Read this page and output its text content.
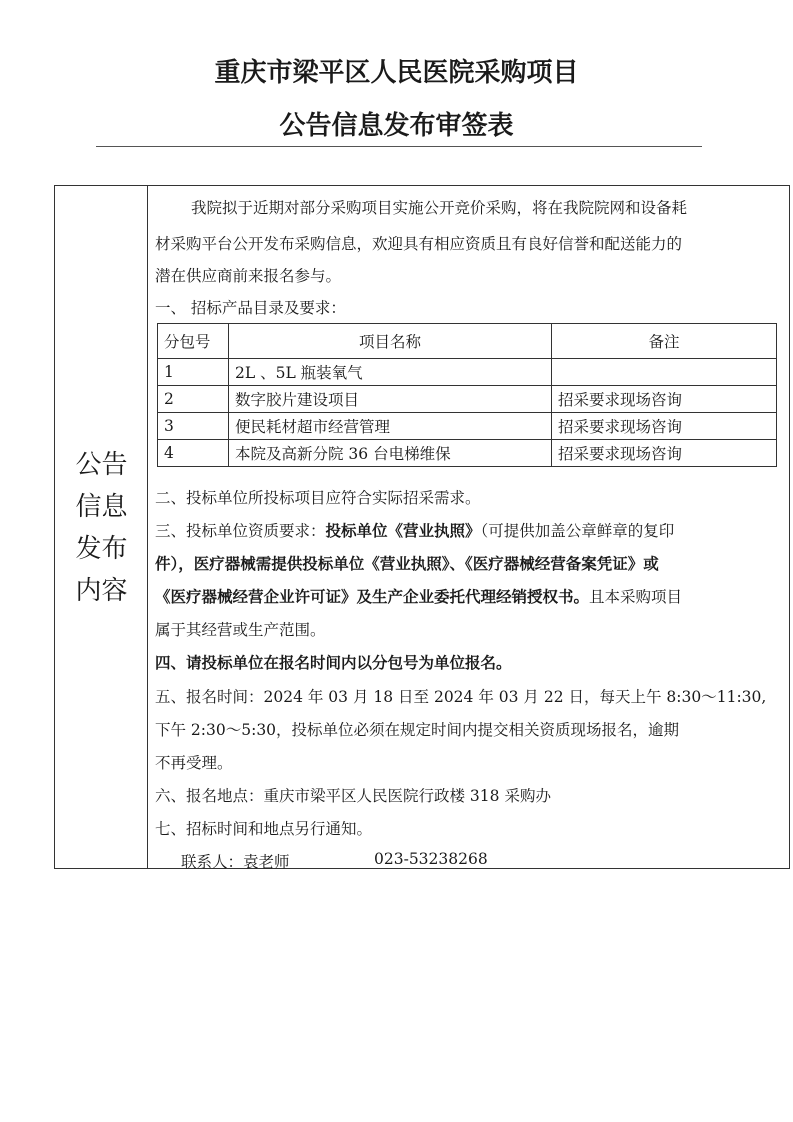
重庆市梁平区人民医院采购项目
公告信息发布审签表
公告
信息
发布
内容
我院拟于近期对部分采购项目实施公开竞价采购，将在我院院网和设备耗
材采购平台公开发布采购信息，欢迎具有相应资质且有良好信誉和配送能力的
潜在供应商前来报名参与。
一、 招标产品目录及要求：
分包号	项目名称	备注
1	2L 、5L 瓶装氧气	
2	数字胶片建设项目	招采要求现场咨询
3	便民耗材超市经营管理	招采要求现场咨询
4	本院及高新分院 36 台电梯维保	招采要求现场咨询
二、投标单位所投标项目应符合实际招采需求。
三、投标单位资质要求：投标单位《营业执照》（可提供加盖公章鲜章的复印
件），医疗器械需提供投标单位《营业执照》、《医疗器械经营备案凭证》或
《医疗器械经营企业许可证》及生产企业委托代理经销授权书。且本采购项目
属于其经营或生产范围。
四、请投标单位在报名时间内以分包号为单位报名。
五、报名时间：2024 年 03 月 18 日至 2024 年 03 月 22 日，每天上午 8:30～11:30,
下午 2:30～5:30，投标单位必须在规定时间内提交相关资质现场报名，逾期
不再受理。
六、报名地点：重庆市梁平区人民医院行政楼 318 采购办
七、招标时间和地点另行通知。
联系人：袁老师	023-53238268
